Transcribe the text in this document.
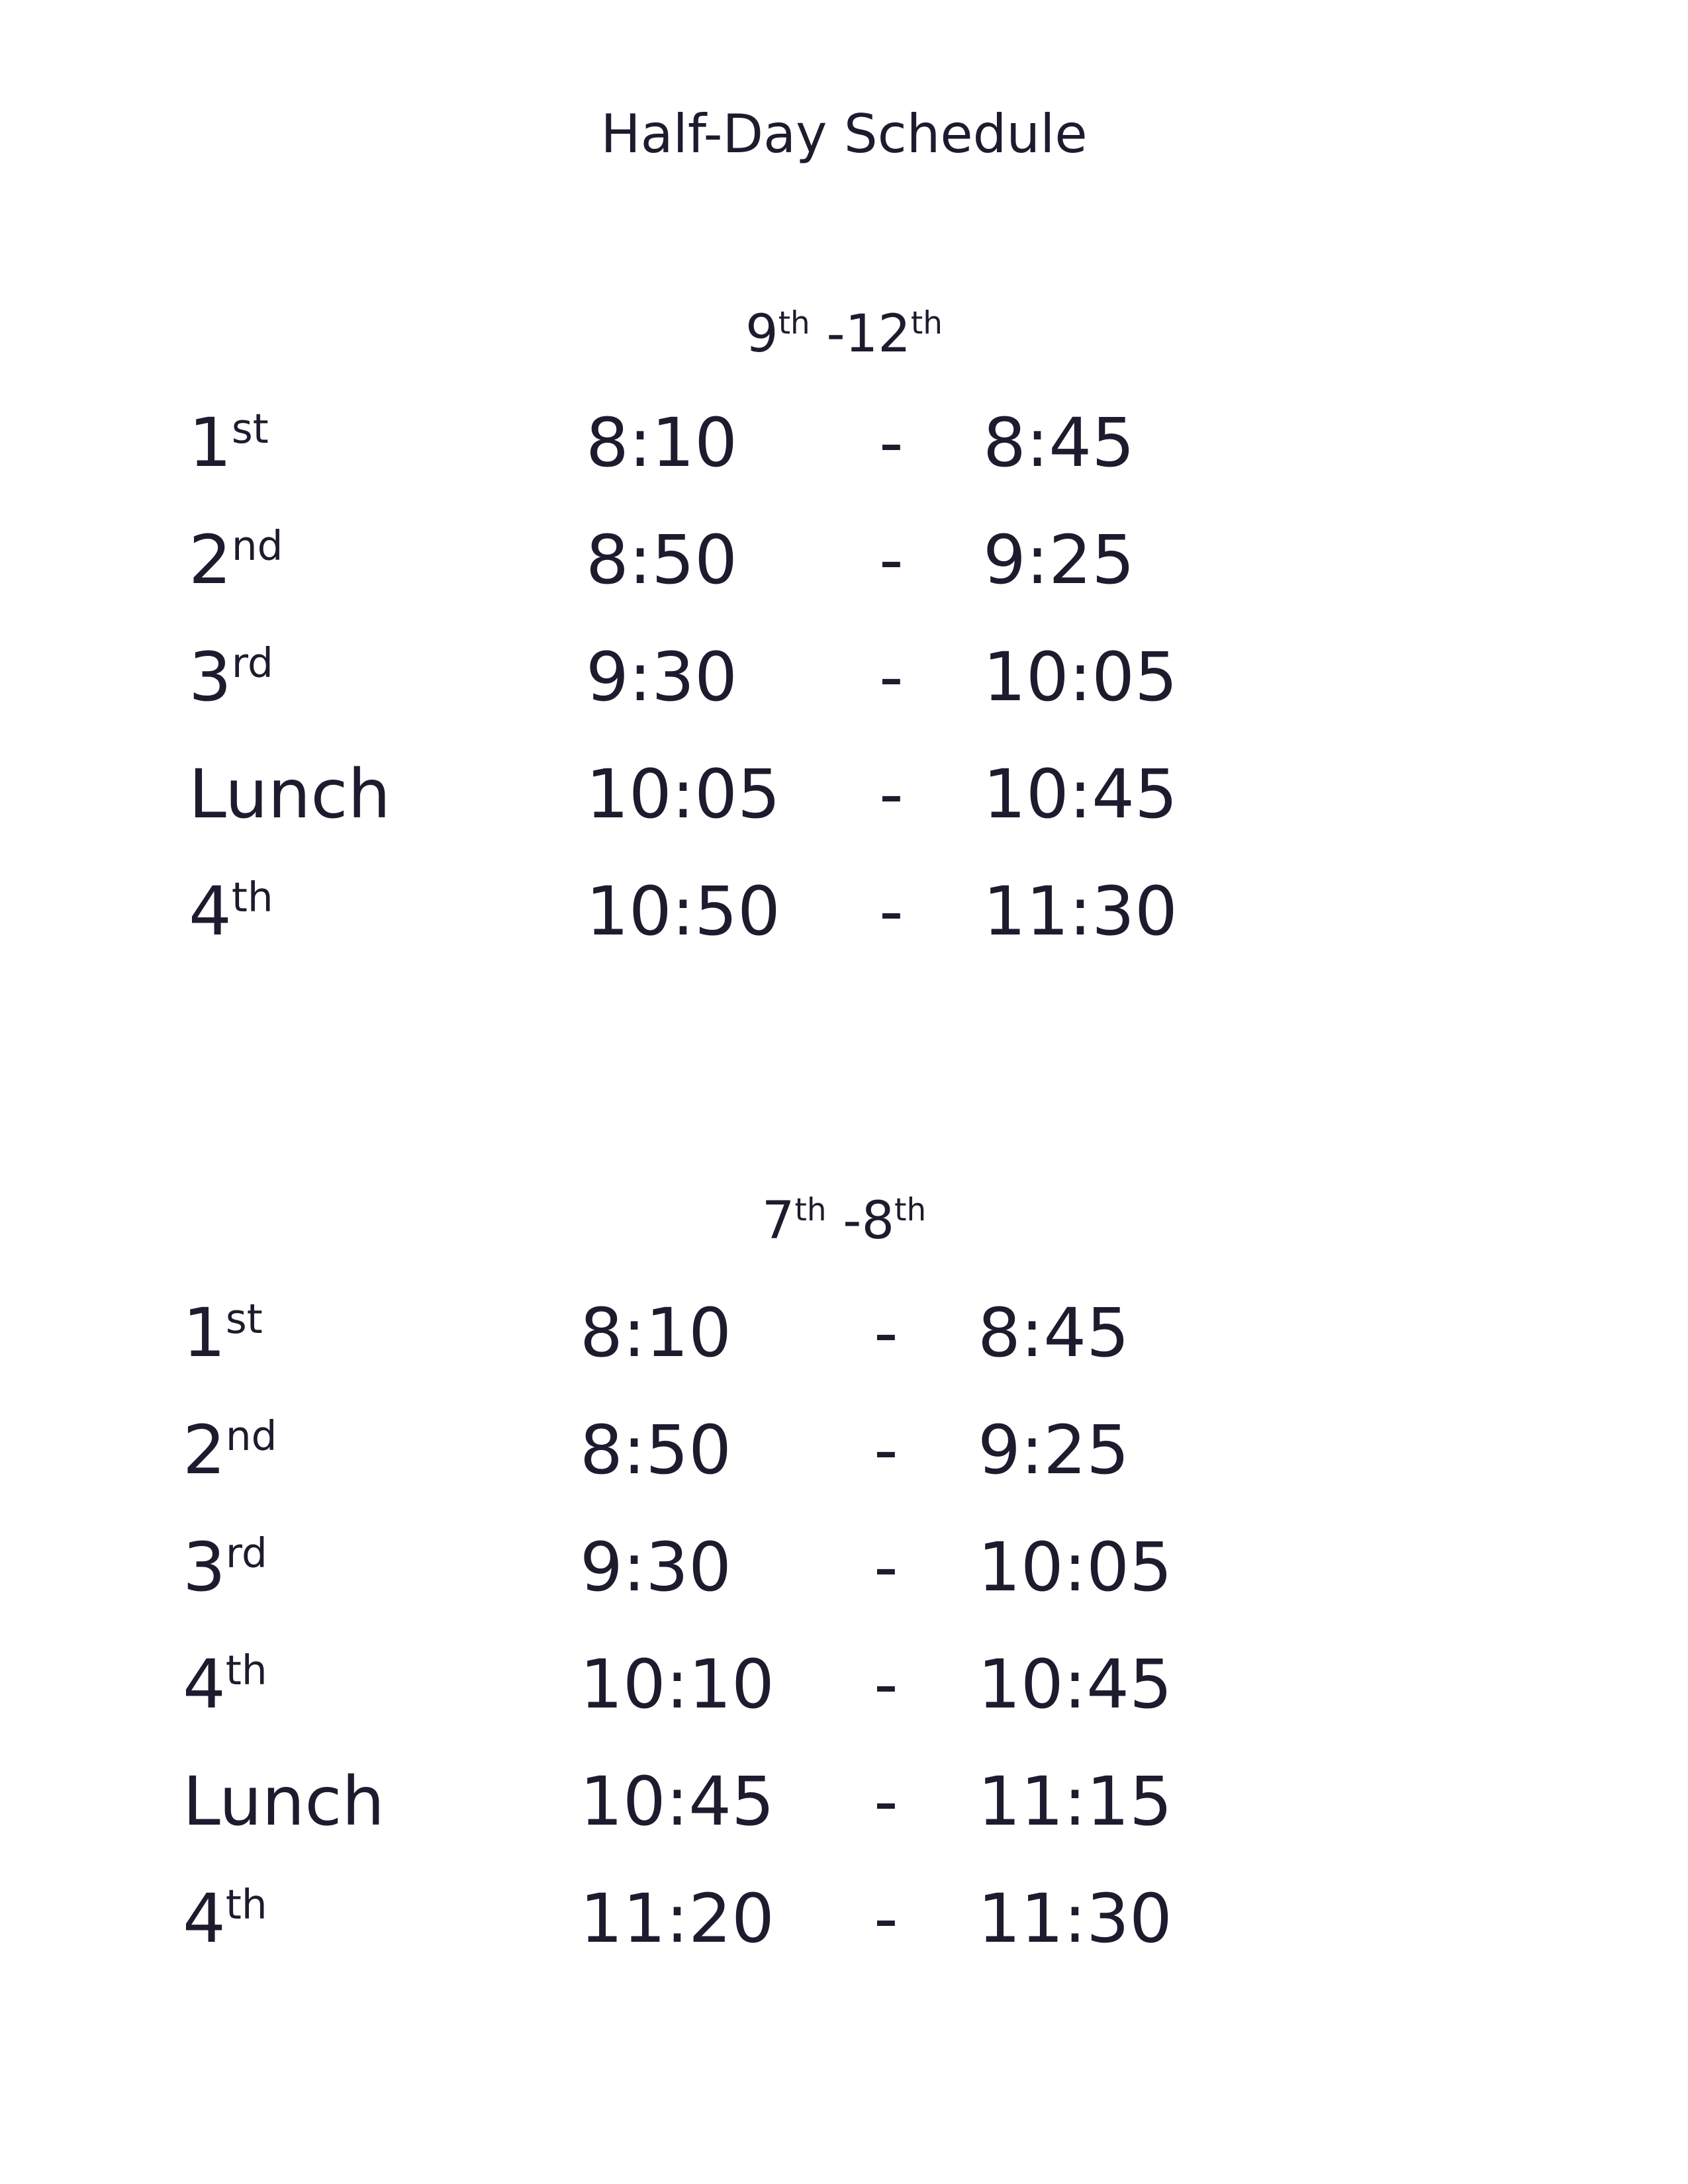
Half-Day Schedule
9th -12th
1st	8:10 - 8:45
2nd	8:50 - 9:25
3rd	9:30 - 10:05
Lunch	10:05 - 10:45
4th	10:50 - 11:30
7th -8th
1st	8:10 - 8:45
2nd	8:50 - 9:25
3rd	9:30 - 10:05
4th	10:10 - 10:45
Lunch	10:45 - 11:15
4th	11:20 - 11:30
